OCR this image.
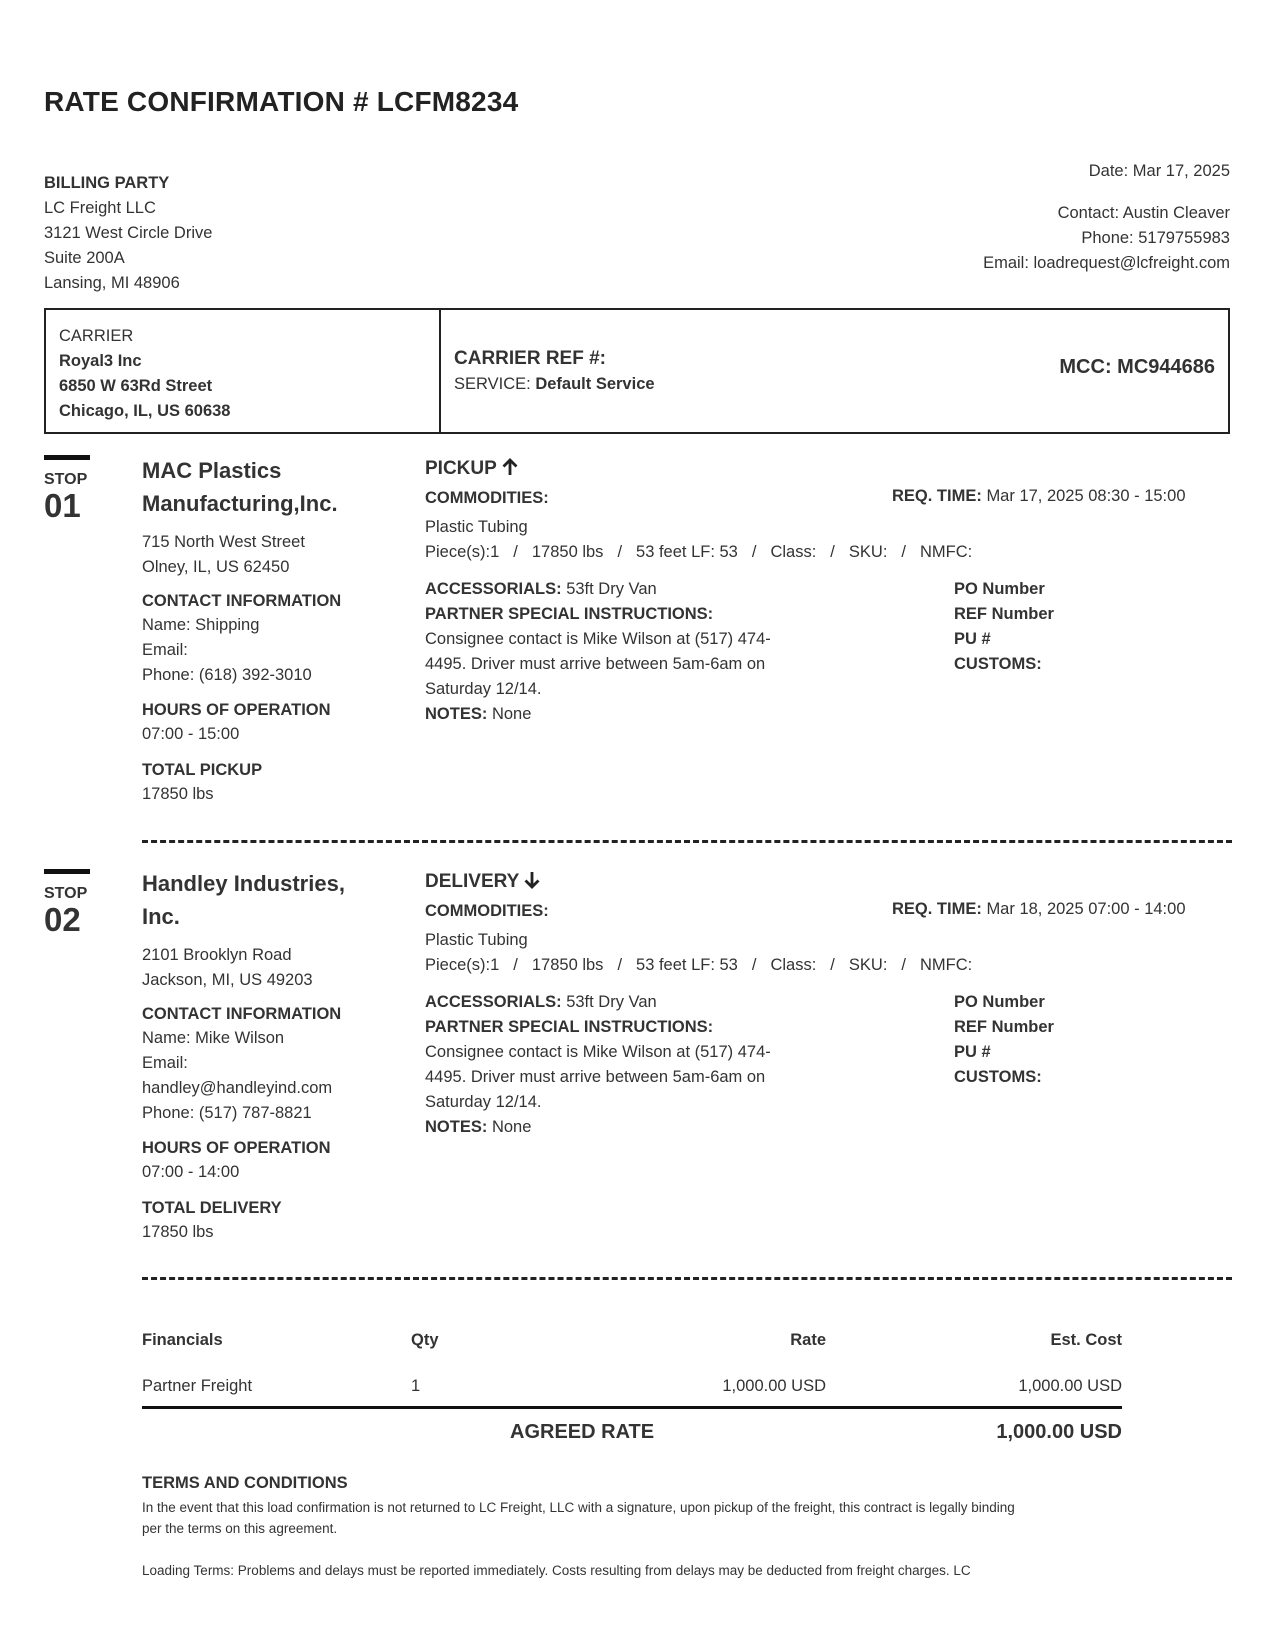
RATE CONFIRMATION # LCFM8234
BILLING PARTY
LC Freight LLC
3121 West Circle Drive
Suite 200A
Lansing, MI 48906
Date: Mar 17, 2025
Contact: Austin Cleaver
Phone: 5179755983
Email: loadrequest@lcfreight.com
CARRIER
Royal3 Inc
6850 W 63Rd Street
Chicago, IL, US 60638
CARRIER REF #:
SERVICE: Default Service
MCC: MC944686
STOP
01
MAC Plastics
Manufacturing,Inc.
715 North West Street
Olney, IL, US 62450
CONTACT INFORMATION
Name: Shipping
Email:
Phone: (618) 392-3010
HOURS OF OPERATION
07:00 - 15:00
TOTAL PICKUP
17850 lbs
PICKUP
COMMODITIES:	REQ. TIME: Mar 17, 2025 08:30 - 15:00
Plastic Tubing
Piece(s):1 / 17850 lbs / 53 feet LF: 53 / Class: / SKU: / NMFC:
ACCESSORIALS: 53ft Dry Van
PARTNER SPECIAL INSTRUCTIONS:
Consignee contact is Mike Wilson at (517) 474-
4495. Driver must arrive between 5am-6am on
Saturday 12/14.
NOTES: None
PO Number
REF Number
PU #
CUSTOMS:
STOP
02
Handley Industries,
Inc.
2101 Brooklyn Road
Jackson, MI, US 49203
CONTACT INFORMATION
Name: Mike Wilson
Email:
handley@handleyind.com
Phone: (517) 787-8821
HOURS OF OPERATION
07:00 - 14:00
TOTAL DELIVERY
17850 lbs
DELIVERY
COMMODITIES:	REQ. TIME: Mar 18, 2025 07:00 - 14:00
Plastic Tubing
Piece(s):1 / 17850 lbs / 53 feet LF: 53 / Class: / SKU: / NMFC:
ACCESSORIALS: 53ft Dry Van
PARTNER SPECIAL INSTRUCTIONS:
Consignee contact is Mike Wilson at (517) 474-
4495. Driver must arrive between 5am-6am on
Saturday 12/14.
NOTES: None
PO Number
REF Number
PU #
CUSTOMS:
Financials	Qty	Rate	Est. Cost
Partner Freight	1	1,000.00 USD	1,000.00 USD
AGREED RATE	1,000.00 USD
TERMS AND CONDITIONS
In the event that this load confirmation is not returned to LC Freight, LLC with a signature, upon pickup of the freight, this contract is legally binding
per the terms on this agreement.
Loading Terms: Problems and delays must be reported immediately. Costs resulting from delays may be deducted from freight charges. LC
